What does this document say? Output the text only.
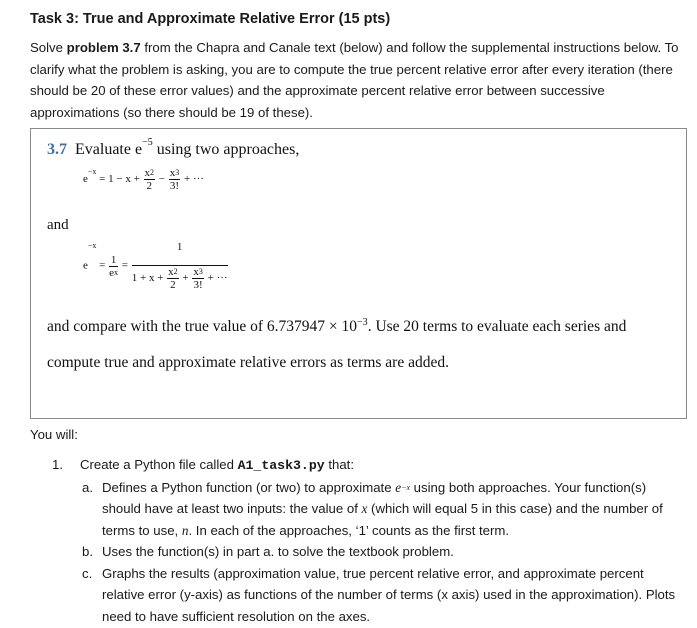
Task 3: True and Approximate Relative Error (15 pts)
Solve problem 3.7 from the Chapra and Canale text (below) and follow the supplemental instructions below. To clarify what the problem is asking, you are to compute the true percent relative error after every iteration (there should be 20 of these error values) and the approximate percent relative error between successive approximations (so there should be 19 of these).
3.7 Evaluate $e^{-5}$ using two approaches,
$e^{-x} = 1 - x + \frac{x^2}{2} - \frac{x^3}{3!}$ + ···
and
$e^{-x} = \frac{1}{e^x} = \frac{1}{1 + x + \frac{x^2}{2} + \frac{x^3}{3!} + \cdot\cdot\cdot}$
and compare with the true value of $6.737947 \times 10^{-3}$. Use 20 terms to evaluate each series and compute true and approximate relative errors as terms are added.
You will:
1. Create a Python file called A1_task3.py that:
a. Defines a Python function (or two) to approximate $e^{-x}$ using both approaches. Your function(s) should have at least two inputs: the value of x (which will equal 5 in this case) and the number of terms to use, n. In each of the approaches, ‘1’ counts as the first term.
b. Uses the function(s) in part a. to solve the textbook problem.
c. Graphs the results (approximation value, true percent relative error, and approximate percent relative error (y-axis) as functions of the number of terms (x axis) used in the approximation). Plots need to have sufficient resolution on the axes.
